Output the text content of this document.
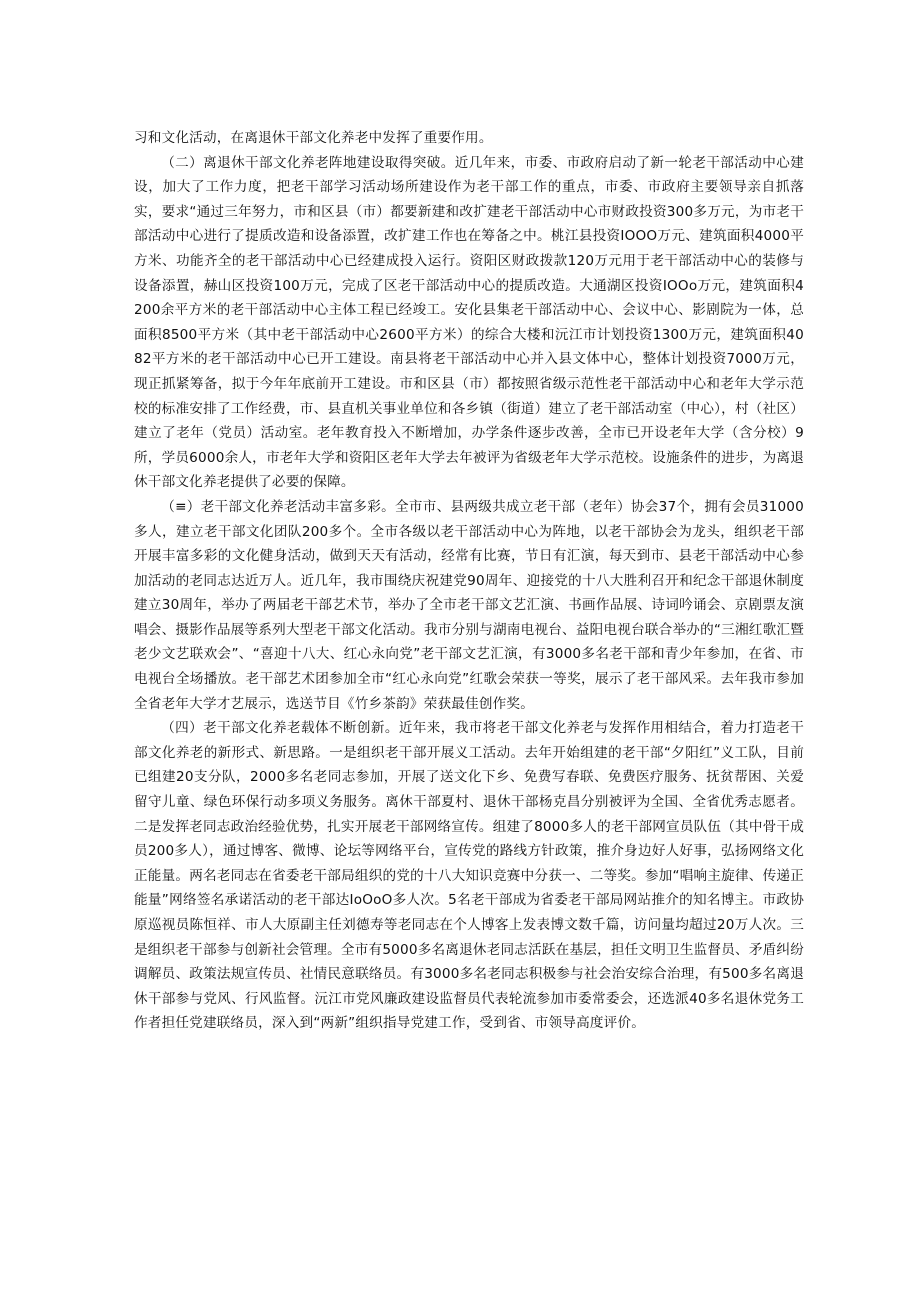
习和文化活动，在离退休干部文化养老中发挥了重要作用。

（二）离退休干部文化养老阵地建设取得突破。近几年来，市委、市政府启动了新一轮老干部活动中心建设，加大了工作力度，把老干部学习活动场所建设作为老干部工作的重点，市委、市政府主要领导亲自抓落实，要求“通过三年努力，市和区县（市）都要新建和改扩建老干部活动中心市财政投资300多万元，为市老干部活动中心进行了提质改造和设备添置，改扩建工作也在筹备之中。桃江县投资IOOO万元、建筑面积4000平方米、功能齐全的老干部活动中心已经建成投入运行。资阳区财政拨款120万元用于老干部活动中心的装修与设备添置，赫山区投资100万元，完成了区老干部活动中心的提质改造。大通湖区投资IOOo万元，建筑面积4200余平方米的老干部活动中心主体工程已经竣工。安化县集老干部活动中心、会议中心、影剧院为一体，总面积8500平方米（其中老干部活动中心2600平方米）的综合大楼和沅江市计划投资1300万元，建筑面积4082平方米的老干部活动中心已开工建设。南县将老干部活动中心并入县文体中心，整体计划投资7000万元，现正抓紧筹备，拟于今年年底前开工建设。市和区县（市）都按照省级示范性老干部活动中心和老年大学示范校的标准安排了工作经费，市、县直机关事业单位和各乡镇（街道）建立了老干部活动室（中心），村（社区）建立了老年（党员）活动室。老年教育投入不断增加，办学条件逐步改善，全市已开设老年大学（含分校）9所，学员6000余人，市老年大学和资阳区老年大学去年被评为省级老年大学示范校。设施条件的进步，为离退休干部文化养老提供了必要的保障。

（≡）老干部文化养老活动丰富多彩。全市市、县两级共成立老干部（老年）协会37个，拥有会员31000多人，建立老干部文化团队200多个。全市各级以老干部活动中心为阵地，以老干部协会为龙头，组织老干部开展丰富多彩的文化健身活动，做到天天有活动，经常有比赛，节日有汇演，每天到市、县老干部活动中心参加活动的老同志达近万人。近几年，我市围绕庆祝建党90周年、迎接党的十八大胜利召开和纪念干部退休制度建立30周年，举办了两届老干部艺术节，举办了全市老干部文艺汇演、书画作品展、诗词吟诵会、京剧票友演唱会、摄影作品展等系列大型老干部文化活动。我市分别与湖南电视台、益阳电视台联合举办的“三湘红歌汇暨老少文艺联欢会”、“喜迎十八大、红心永向党”老干部文艺汇演，有3000多名老干部和青少年参加，在省、市电视台全场播放。老干部艺术团参加全市“红心永向党”红歌会荣获一等奖，展示了老干部风采。去年我市参加全省老年大学才艺展示，选送节目《竹乡茶韵》荣获最佳创作奖。

（四）老干部文化养老载体不断创新。近年来，我市将老干部文化养老与发挥作用相结合，着力打造老干部文化养老的新形式、新思路。一是组织老干部开展义工活动。去年开始组建的老干部“夕阳红”义工队，目前已组建20支分队，2000多名老同志参加，开展了送文化下乡、免费写春联、免费医疗服务、抚贫帮困、关爱留守儿童、绿色环保行动多项义务服务。离休干部夏村、退休干部杨克昌分别被评为全国、全省优秀志愿者。二是发挥老同志政治经验优势，扎实开展老干部网络宣传。组建了8000多人的老干部网宣员队伍（其中骨干成员200多人），通过博客、微博、论坛等网络平台，宣传党的路线方针政策，推介身边好人好事，弘扬网络文化正能量。两名老同志在省委老干部局组织的党的十八大知识竞赛中分获一、二等奖。参加“唱响主旋律、传递正能量”网络签名承诺活动的老干部达IoOoO多人次。5名老干部成为省委老干部局网站推介的知名博主。市政协原巡视员陈恒祥、市人大原副主任刘德寿等老同志在个人博客上发表博文数千篇，访问量均超过20万人次。三是组织老干部参与创新社会管理。全市有5000多名离退休老同志活跃在基层，担任文明卫生监督员、矛盾纠纷调解员、政策法规宣传员、社情民意联络员。有3000多名老同志积极参与社会治安综合治理，有500多名离退休干部参与党风、行风监督。沅江市党风廉政建设监督员代表轮流参加市委常委会，还选派40多名退休党务工作者担任党建联络员，深入到“两新”组织指导党建工作，受到省、市领导高度评价。
